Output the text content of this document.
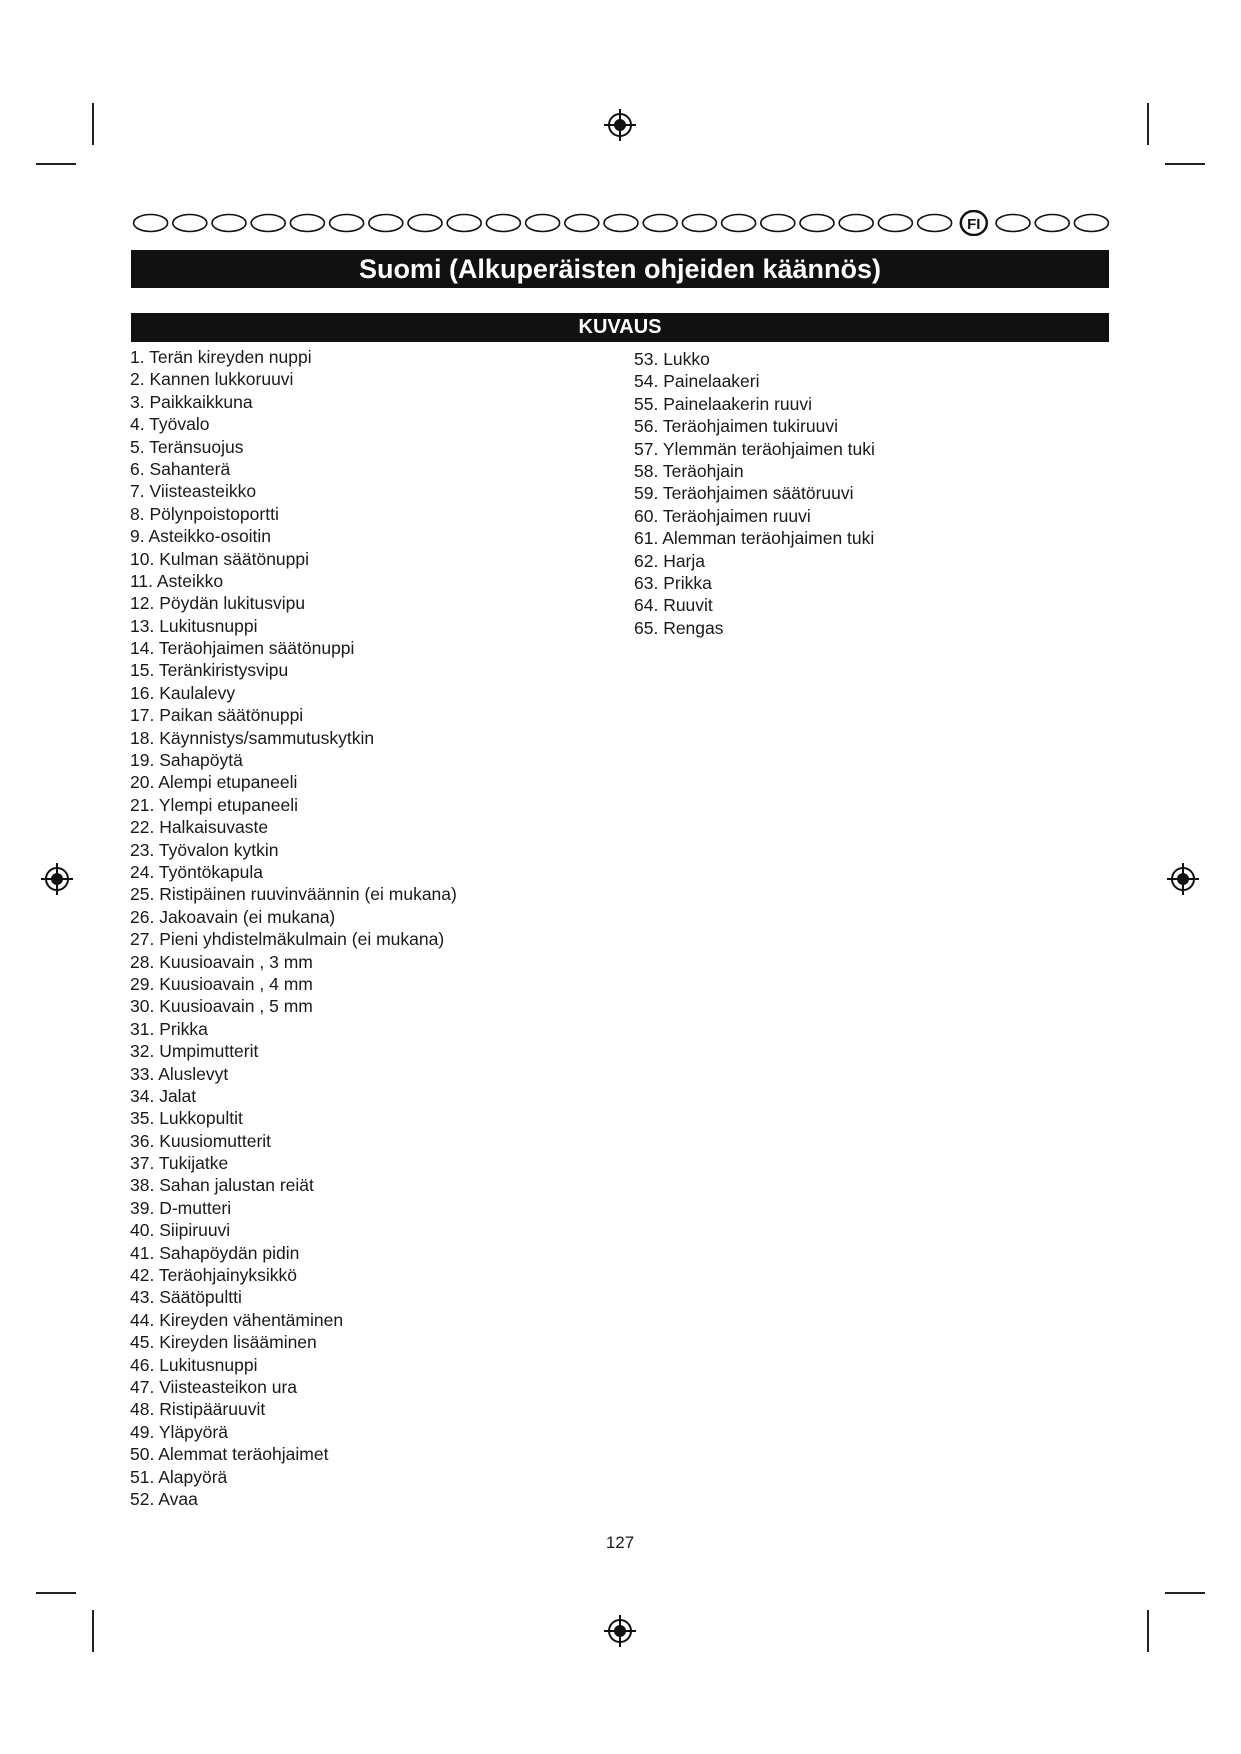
FI
Suomi (Alkuperäisten ohjeiden käännös)
KUVAUS
1. Terän kireyden nuppi
2. Kannen lukkoruuvi
3. Paikkaikkuna
4. Työvalo
5. Teränsuojus
6. Sahanterä
7. Viisteasteikko
8. Pölynpoistoportti
9. Asteikko-osoitin
10. Kulman säätönuppi
11. Asteikko
12. Pöydän lukitusvipu
13. Lukitusnuppi
14. Teräohjaimen säätönuppi
15. Teränkiristysvipu
16. Kaulalevy
17. Paikan säätönuppi
18. Käynnistys/sammutuskytkin
19. Sahapöytä
20. Alempi etupaneeli
21. Ylempi etupaneeli
22. Halkaisuvaste
23. Työvalon kytkin
24. Työntökapula
25. Ristipäinen ruuvinväännin (ei mukana)
26. Jakoavain (ei mukana)
27. Pieni yhdistelmäkulmain (ei mukana)
28. Kuusioavain , 3 mm
29. Kuusioavain , 4 mm
30. Kuusioavain , 5 mm
31. Prikka
32. Umpimutterit
33. Aluslevyt
34. Jalat
35. Lukkopultit
36. Kuusiomutterit
37. Tukijatke
38. Sahan jalustan reiät
39. D-mutteri
40. Siipiruuvi
41. Sahapöydän pidin
42. Teräohjainyksikkö
43. Säätöpultti
44. Kireyden vähentäminen
45. Kireyden lisääminen
46. Lukitusnuppi
47. Viisteasteikon ura
48. Ristipääruuvit
49. Yläpyörä
50. Alemmat teräohjaimet
51. Alapyörä
52. Avaa
53. Lukko
54. Painelaakeri
55. Painelaakerin ruuvi
56. Teräohjaimen tukiruuvi
57. Ylemmän teräohjaimen tuki
58. Teräohjain
59. Teräohjaimen säätöruuvi
60. Teräohjaimen ruuvi
61. Alemman teräohjaimen tuki
62. Harja
63. Prikka
64. Ruuvit
65. Rengas
127
